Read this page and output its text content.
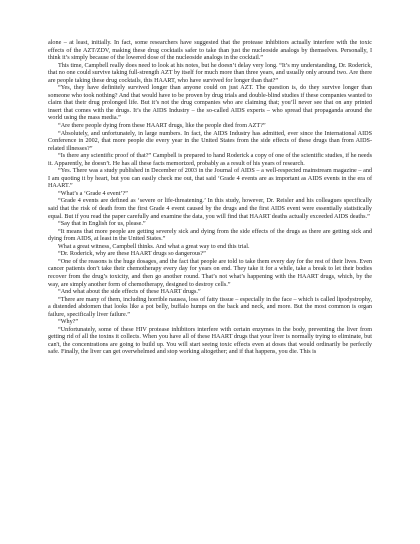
alone – at least, initially. In fact, some researchers have suggested that the protease inhibitors actually interfere with the toxic effects of the AZT/ZDV, making these drug cocktails safer to take than just the nucleoside analogs by themselves. Personally, I think it’s simply because of the lowered dose of the nucleoside analogs in the cocktail.”

This time, Campbell really does need to look at his notes, but he doesn’t delay very long. “It’s my understanding, Dr. Roderick, that no one could survive taking full-strength AZT by itself for much more than three years, and usually only around two. Are there are people taking these drug cocktails, this HAART, who have survived for longer than that?”

“Yes, they have definitely survived longer than anyone could on just AZT. The question is, do they survive longer than someone who took nothing? And that would have to be proven by drug trials and double-blind studies if these companies wanted to claim that their drug prolonged life. But it’s not the drug companies who are claiming that; you’ll never see that on any printed insert that comes with the drugs. It’s the AIDS Industry – the so-called AIDS experts – who spread that propaganda around the world using the mass media.”

“Are there people dying from these HAART drugs, like the people died from AZT?”

“Absolutely, and unfortunately, in large numbers. In fact, the AIDS Industry has admitted, ever since the International AIDS Conference in 2002, that more people die every year in the United States from the side effects of these drugs than from AIDS-related illnesses?”

“Is there any scientific proof of that?” Campbell is prepared to hand Roderick a copy of one of the scientific studies, if he needs it. Apparently, he doesn’t. He has all these facts memorized, probably as a result of his years of research.

“Yes. There was a study published in December of 2003 in the Journal of AIDS – a well-respected mainstream magazine – and I am quoting it by heart, but you can easily check me out, that said ‘Grade 4 events are as important as AIDS events in the era of HAART.”

“What’s a ‘Grade 4 event’?”

“Grade 4 events are defined as ‘severe or life-threatening.’ In this study, however, Dr. Reisler and his colleagues specifically said that the risk of death from the first Grade 4 event caused by the drugs and the first AIDS event were essentially statistically equal. But if you read the paper carefully and examine the data, you will find that HAART deaths actually exceeded AIDS deaths.”

“Say that in English for us, please.”

“It means that more people are getting severely sick and dying from the side effects of the drugs as there are getting sick and dying from AIDS, at least in the United States.”

What a great witness, Campbell thinks. And what a great way to end this trial.

“Dr. Roderick, why are these HAART drugs so dangerous?”

“One of the reasons is the huge dosages, and the fact that people are told to take them every day for the rest of their lives. Even cancer patients don’t take their chemotherapy every day for years on end. They take it for a while, take a break to let their bodies recover from the drug’s toxicity, and then go another round. That’s not what’s happening with the HAART drugs, which, by the way, are simply another form of chemotherapy, designed to destroy cells.”

“And what about the side effects of these HAART drugs.”

“There are many of them, including horrible nausea, loss of fatty tissue – especially in the face – which is called lipodystrophy, a distended abdomen that looks like a pot belly, buffalo humps on the back and neck, and more. But the most common is organ failure, specifically liver failure.”

“Why?”

“Unfortunately, some of these HIV protease inhibitors interfere with certain enzymes in the body, preventing the liver from getting rid of all the toxins it collects. When you have all of these HAART drugs that your liver is normally trying to eliminate, but can't, the concentrations are going to build up. You will start seeing toxic effects even at doses that would ordinarily be perfectly safe. Finally, the liver can get overwhelmed and stop working altogether; and if that happens, you die. This is
